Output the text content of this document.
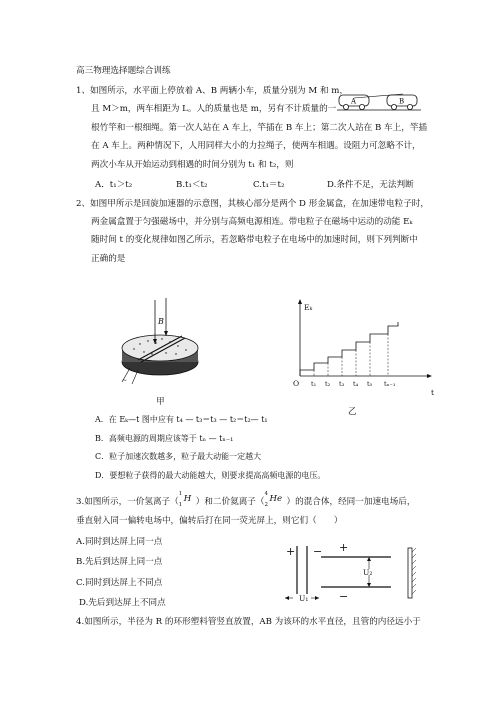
高三物理选择题综合训练
1、如图所示，水平面上停放着 A、B 两辆小车，质量分别为 M 和 m，
且 M＞m，两车相距为 L。人的质量也是 m，另有不计质量的一
根竹竿和一根细绳。第一次人站在 A 车上，竿插在 B 车上；第二次人站在 B 车上，竿插
在 A 车上。两种情况下，人用同样大小的力拉绳子，使两车相遇。设阻力可忽略不计，
两次小车从开始运动到相遇的时间分别为 t₁ 和 t₂，则
A．t₁＞t₂	B.t₁＜t₂	C.t₁＝t₂	D.条件不足，无法判断
A	B
2、如图甲所示是回旋加速器的示意图，其核心部分是两个 D 形金属盒，在加速带电粒子时，
两金属盒置于匀强磁场中，并分别与高频电源相连。带电粒子在磁场中运动的动能 Eₖ
随时间 t 的变化规律如图乙所示，若忽略带电粒子在电场中的加速时间，则下列判断中
正确的是
B
~
甲
Eₖ
t
O t₁ t₂ t₃ t₄ t₅ tₙ₋₁
乙
A．在 Eₖ—t 图中应有 t₄ — t₃＝t₃ — t₂＝t₂— t₁
B．高频电源的周期应该等于 tₙ — tₙ₋₁
C．粒子加速次数越多，粒子最大动能一定越大
D．要想粒子获得的最大动能越大，则要求提高高频电源的电压。
3.如图所示，一价氢离子（
1
1
H ）和二价氦离子（
4
2
He ）的混合体，经同一加速电场后，
垂直射入同一偏转电场中，偏转后打在同一荧光屏上，则它们（　　）
A.同时到达屏上同一点
B.先后到达屏上同一点
C.同时到达屏上不同点
D.先后到达屏上不同点
+ − +
−
U₂
U₁
4.如图所示，半径为 R 的环形塑料管竖直放置，AB 为该环的水平直径，且管的内径远小于
